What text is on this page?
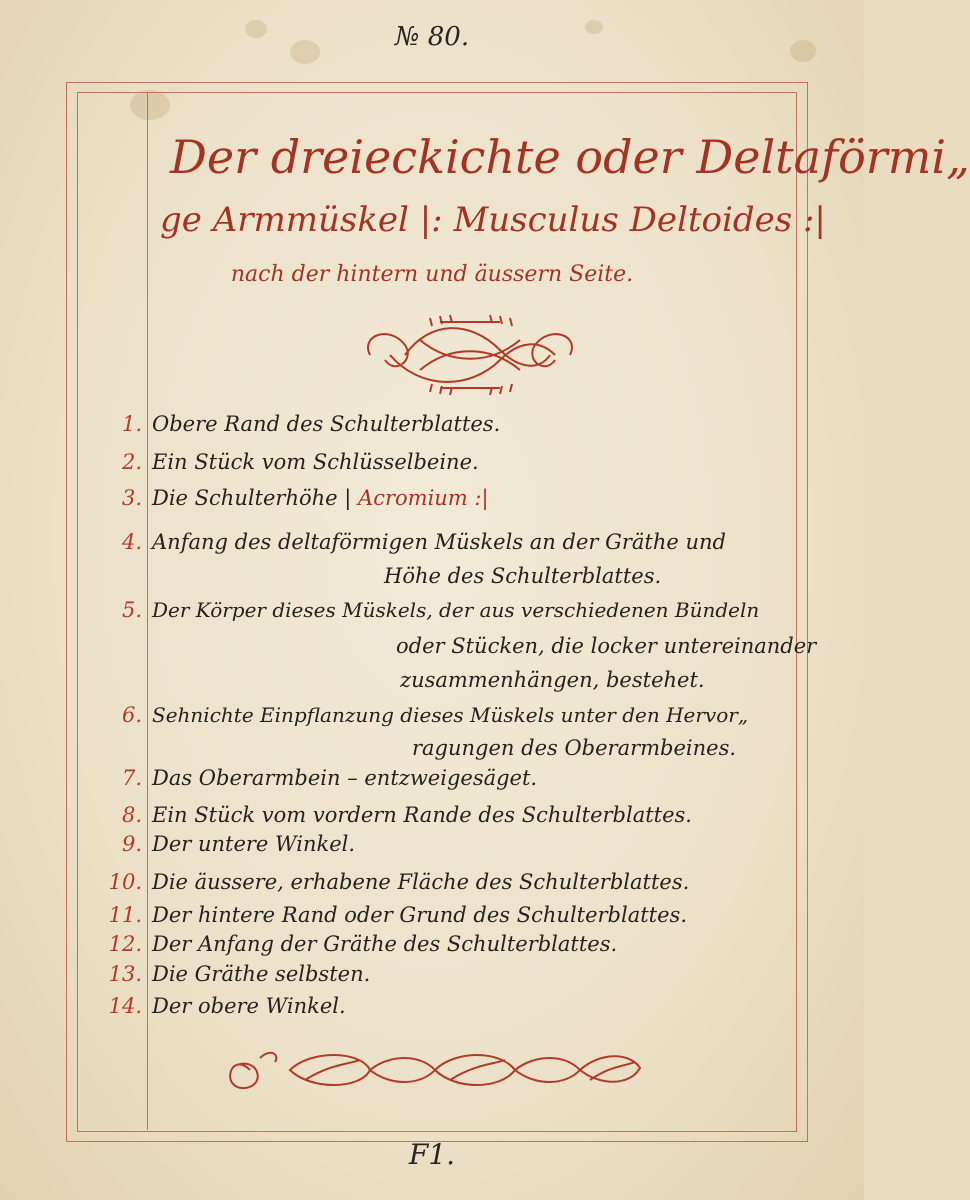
№ 80.
Der dreieckichte oder Deltaförmi„
ge Armmüskel |: Musculus Deltoides :|
nach der hintern und äussern Seite.
1. Obere Rand des Schulterblattes.
2. Ein Stück vom Schlüsselbeine.
3. Die Schulterhöhe | Acromium :|
4. Anfang des deltaförmigen Müskels an der Gräthe und
Höhe des Schulterblattes.
5. Der Körper dieses Müskels, der aus verschiedenen Bündeln
oder Stücken, die locker untereinander
zusammenhängen, bestehet.
6. Sehnichte Einpflanzung dieses Müskels unter den Hervor„
ragungen des Oberarmbeines.
7. Das Oberarmbein – entzweigesäget.
8. Ein Stück vom vordern Rande des Schulterblattes.
9. Der untere Winkel.
10. Die äussere, erhabene Fläche des Schulterblattes.
11. Der hintere Rand oder Grund des Schulterblattes.
12. Der Anfang der Gräthe des Schulterblattes.
13. Die Gräthe selbsten.
14. Der obere Winkel.
F1.
